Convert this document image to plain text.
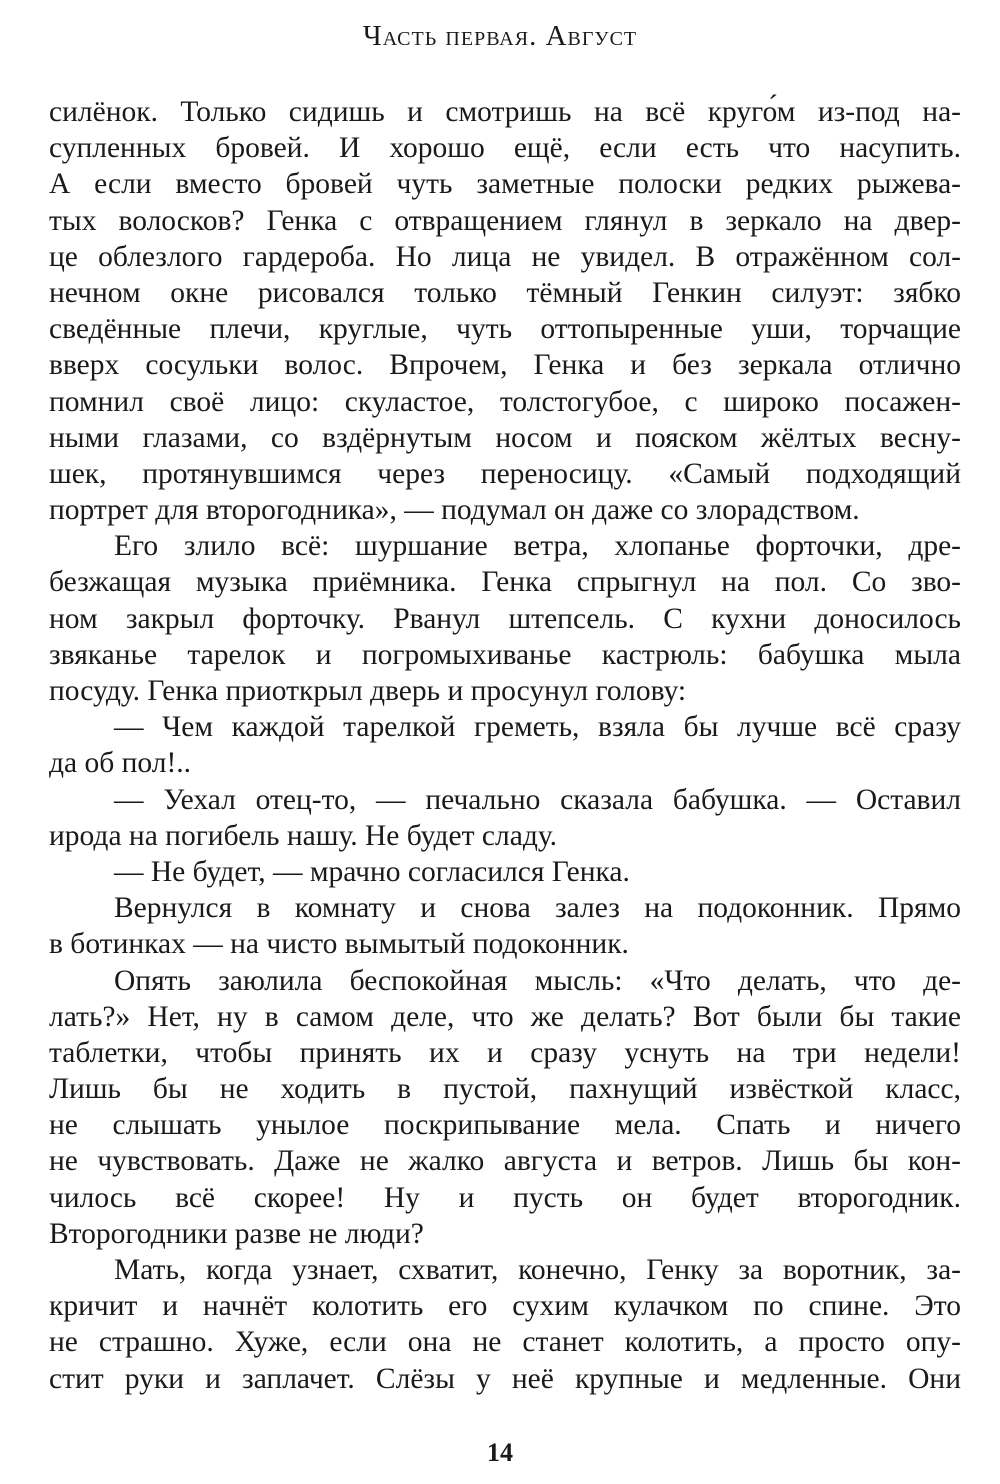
Часть первая. Август
силёнок. Только сидишь и смотришь на всё круго́м из-под на-
супленных бровей. И хорошо ещё, если есть что насупить.
А если вместо бровей чуть заметные полоски редких рыжева-
тых волосков? Генка с отвращением глянул в зеркало на двер-
це облезлого гардероба. Но лица не увидел. В отражённом сол-
нечном окне рисовался только тёмный Генкин силуэт: зябко
сведённые плечи, круглые, чуть оттопыренные уши, торчащие
вверх сосульки волос. Впрочем, Генка и без зеркала отлично
помнил своё лицо: скуластое, толстогубое, с широко посажен-
ными глазами, со вздёрнутым носом и пояском жёлтых весну-
шек, протянувшимся через переносицу. «Самый подходящий
портрет для второгодника», — подумал он даже со злорадством.
Его злило всё: шуршание ветра, хлопанье форточки, дре-
безжащая музыка приёмника. Генка спрыгнул на пол. Со зво-
ном закрыл форточку. Рванул штепсель. С кухни доносилось
звяканье тарелок и погромыхиванье кастрюль: бабушка мыла
посуду. Генка приоткрыл дверь и просунул голову:
— Чем каждой тарелкой греметь, взяла бы лучше всё сразу
да об пол!..
— Уехал отец-то, — печально сказала бабушка. — Оставил
ирода на погибель нашу. Не будет сладу.
— Не будет, — мрачно согласился Генка.
Вернулся в комнату и снова залез на подоконник. Прямо
в ботинках — на чисто вымытый подоконник.
Опять заюлила беспокойная мысль: «Что делать, что де-
лать?» Нет, ну в самом деле, что же делать? Вот были бы такие
таблетки, чтобы принять их и сразу уснуть на три недели!
Лишь бы не ходить в пустой, пахнущий извёсткой класс,
не слышать унылое поскрипывание мела. Спать и ничего
не чувствовать. Даже не жалко августа и ветров. Лишь бы кон-
чилось всё скорее! Ну и пусть он будет второгодник.
Второгодники разве не люди?
Мать, когда узнает, схватит, конечно, Генку за воротник, за-
кричит и начнёт колотить его сухим кулачком по спине. Это
не страшно. Хуже, если она не станет колотить, а просто опу-
стит руки и заплачет. Слёзы у неё крупные и медленные. Они
14
